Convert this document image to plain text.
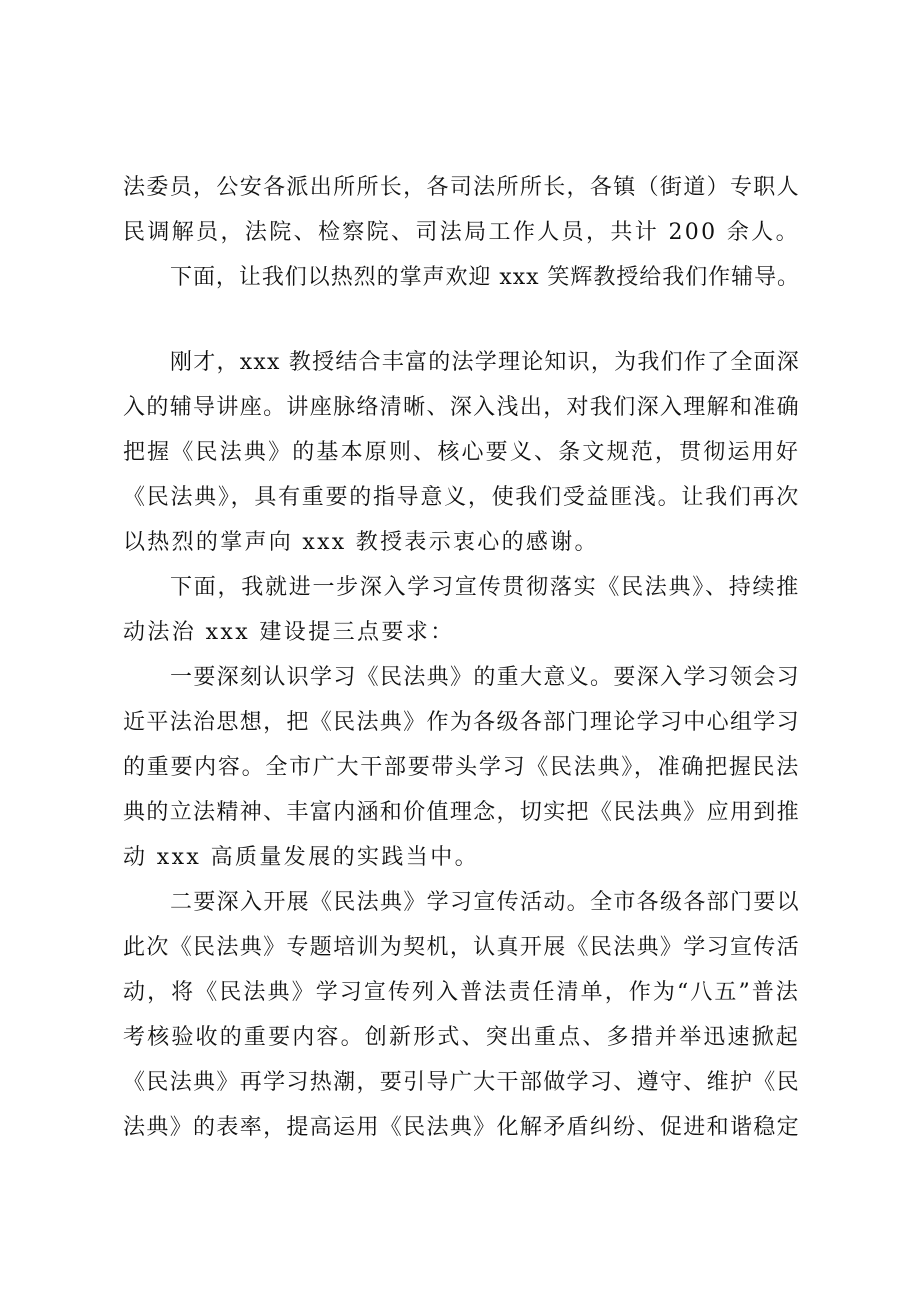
法委员，公安各派出所所长，各司法所所长，各镇（街道）专职人
民调解员，法院、检察院、司法局工作人员，共计 200 余人。
下面，让我们以热烈的掌声欢迎 xxx 笑辉教授给我们作辅导。
刚才，xxx 教授结合丰富的法学理论知识，为我们作了全面深
入的辅导讲座。讲座脉络清晰、深入浅出，对我们深入理解和准确
把握《民法典》的基本原则、核心要义、条文规范，贯彻运用好
《民法典》，具有重要的指导意义，使我们受益匪浅。让我们再次
以热烈的掌声向 xxx 教授表示衷心的感谢。
下面，我就进一步深入学习宣传贯彻落实《民法典》、持续推
动法治 xxx 建设提三点要求：
一要深刻认识学习《民法典》的重大意义。要深入学习领会习
近平法治思想，把《民法典》作为各级各部门理论学习中心组学习
的重要内容。全市广大干部要带头学习《民法典》，准确把握民法
典的立法精神、丰富内涵和价值理念，切实把《民法典》应用到推
动 xxx 高质量发展的实践当中。
二要深入开展《民法典》学习宣传活动。全市各级各部门要以
此次《民法典》专题培训为契机，认真开展《民法典》学习宣传活
动，将《民法典》学习宣传列入普法责任清单，作为“八五”普法
考核验收的重要内容。创新形式、突出重点、多措并举迅速掀起
《民法典》再学习热潮，要引导广大干部做学习、遵守、维护《民
法典》的表率，提高运用《民法典》化解矛盾纠纷、促进和谐稳定
